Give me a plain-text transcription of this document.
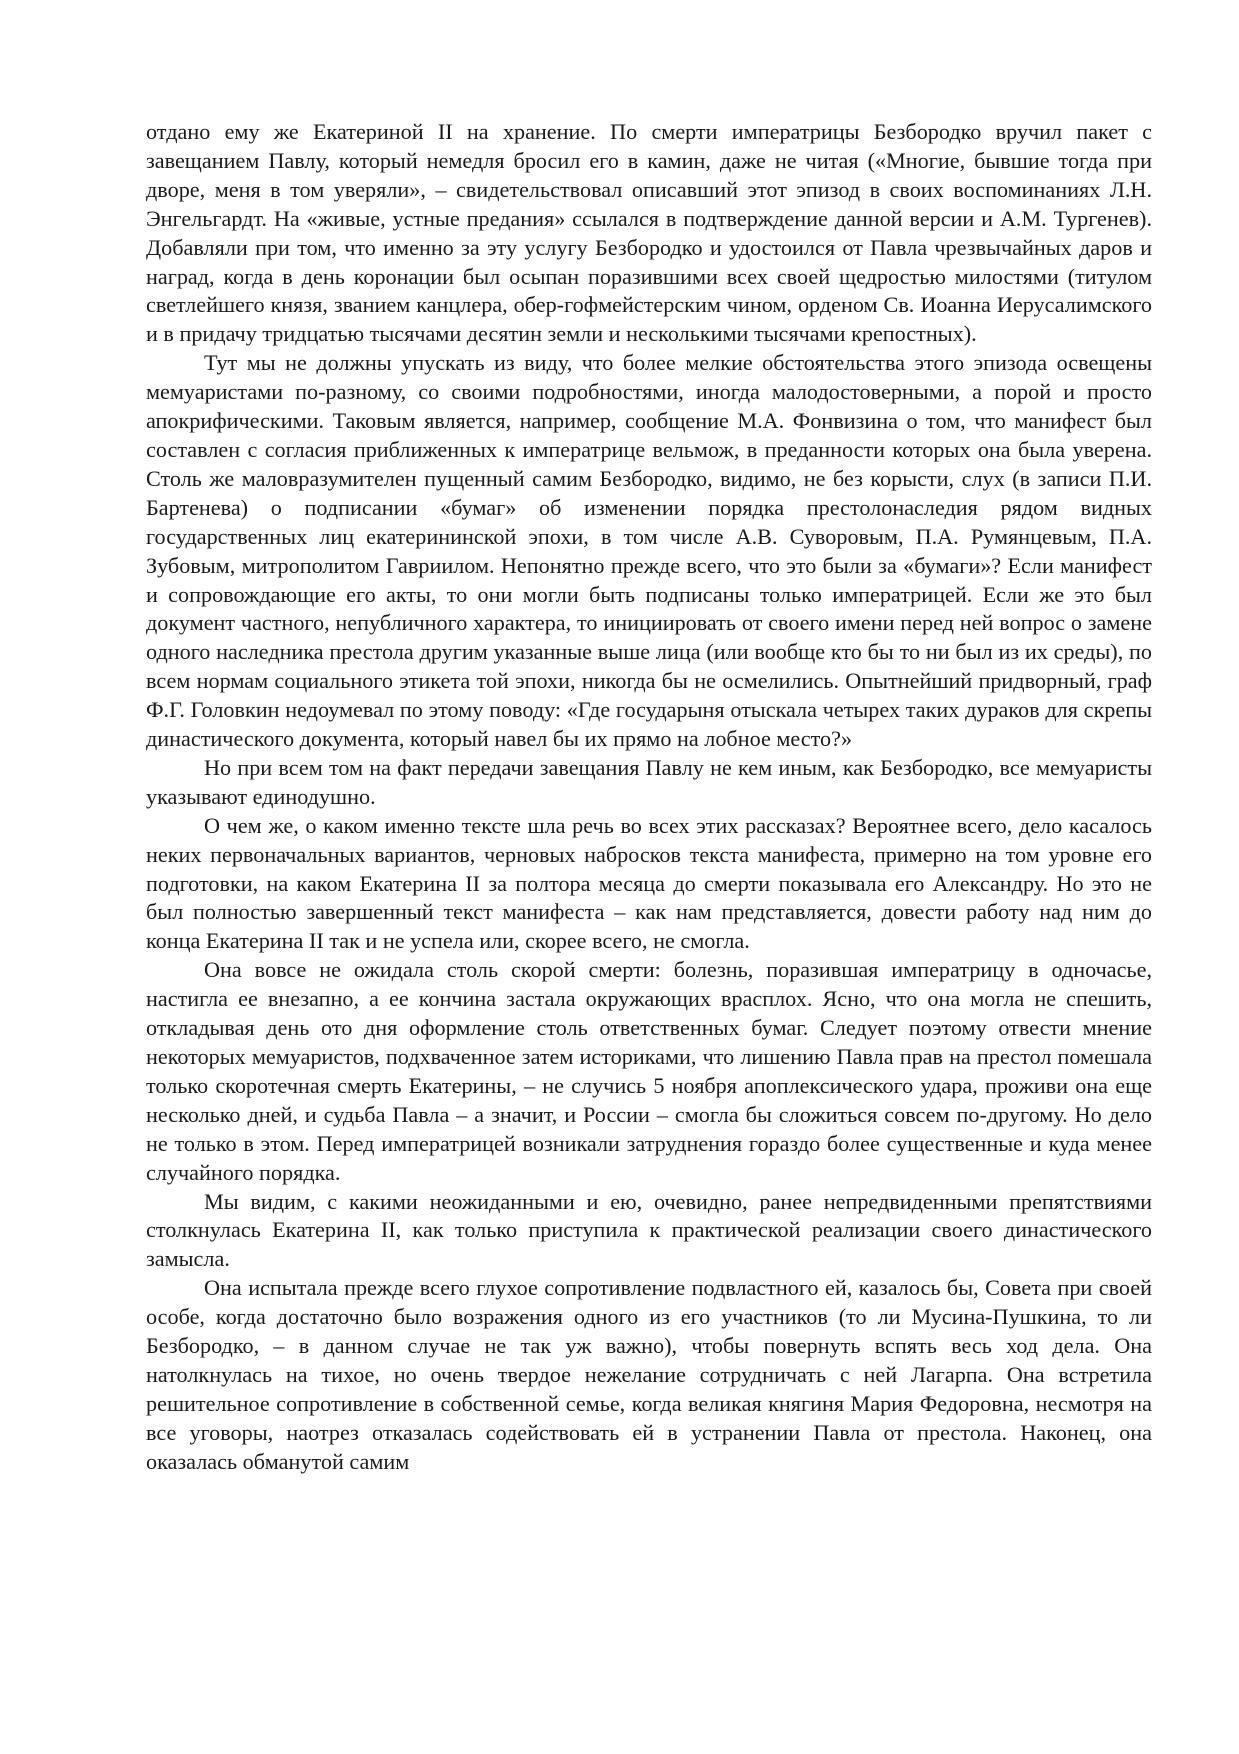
отдано ему же Екатериной II на хранение. По смерти императрицы Безбородко вручил пакет с завещанием Павлу, который немедля бросил его в камин, даже не читая («Многие, бывшие тогда при дворе, меня в том уверяли», – свидетельствовал описавший этот эпизод в своих воспоминаниях Л.Н. Энгельгардт. На «живые, устные предания» ссылался в подтверждение данной версии и А.М. Тургенев). Добавляли при том, что именно за эту услугу Безбородко и удостоился от Павла чрезвычайных даров и наград, когда в день коронации был осыпан поразившими всех своей щедростью милостями (титулом светлейшего князя, званием канцлера, обер-гофмейстерским чином, орденом Св. Иоанна Иерусалимского и в придачу тридцатью тысячами десятин земли и несколькими тысячами крепостных).

Тут мы не должны упускать из виду, что более мелкие обстоятельства этого эпизода освещены мемуаристами по-разному, со своими подробностями, иногда малодостоверными, а порой и просто апокрифическими. Таковым является, например, сообщение М.А. Фонвизина о том, что манифест был составлен с согласия приближенных к императрице вельмож, в преданности которых она была уверена. Столь же маловразумителен пущенный самим Безбородко, видимо, не без корысти, слух (в записи П.И. Бартенева) о подписании «бумаг» об изменении порядка престолонаследия рядом видных государственных лиц екатерининской эпохи, в том числе А.В. Суворовым, П.А. Румянцевым, П.А. Зубовым, митрополитом Гавриилом. Непонятно прежде всего, что это были за «бумаги»? Если манифест и сопровождающие его акты, то они могли быть подписаны только императрицей. Если же это был документ частного, непубличного характера, то инициировать от своего имени перед ней вопрос о замене одного наследника престола другим указанные выше лица (или вообще кто бы то ни был из их среды), по всем нормам социального этикета той эпохи, никогда бы не осмелились. Опытнейший придворный, граф Ф.Г. Головкин недоумевал по этому поводу: «Где государыня отыскала четырех таких дураков для скрепы династического документа, который навел бы их прямо на лобное место?»

Но при всем том на факт передачи завещания Павлу не кем иным, как Безбородко, все мемуаристы указывают единодушно.

О чем же, о каком именно тексте шла речь во всех этих рассказах? Вероятнее всего, дело касалось неких первоначальных вариантов, черновых набросков текста манифеста, примерно на том уровне его подготовки, на каком Екатерина II за полтора месяца до смерти показывала его Александру. Но это не был полностью завершенный текст манифеста – как нам представляется, довести работу над ним до конца Екатерина II так и не успела или, скорее всего, не смогла.

Она вовсе не ожидала столь скорой смерти: болезнь, поразившая императрицу в одночасье, настигла ее внезапно, а ее кончина застала окружающих врасплох. Ясно, что она могла не спешить, откладывая день ото дня оформление столь ответственных бумаг. Следует поэтому отвести мнение некоторых мемуаристов, подхваченное затем историками, что лишению Павла прав на престол помешала только скоротечная смерть Екатерины, – не случись 5 ноября апоплексического удара, проживи она еще несколько дней, и судьба Павла – а значит, и России – смогла бы сложиться совсем по-другому. Но дело не только в этом. Перед императрицей возникали затруднения гораздо более существенные и куда менее случайного порядка.

Мы видим, с какими неожиданными и ею, очевидно, ранее непредвиденными препятствиями столкнулась Екатерина II, как только приступила к практической реализации своего династического замысла.

Она испытала прежде всего глухое сопротивление подвластного ей, казалось бы, Совета при своей особе, когда достаточно было возражения одного из его участников (то ли Мусина-Пушкина, то ли Безбородко, – в данном случае не так уж важно), чтобы повернуть вспять весь ход дела. Она натолкнулась на тихое, но очень твердое нежелание сотрудничать с ней Лагарпа. Она встретила решительное сопротивление в собственной семье, когда великая княгиня Мария Федоровна, несмотря на все уговоры, наотрез отказалась содействовать ей в устранении Павла от престола. Наконец, она оказалась обманутой самим
